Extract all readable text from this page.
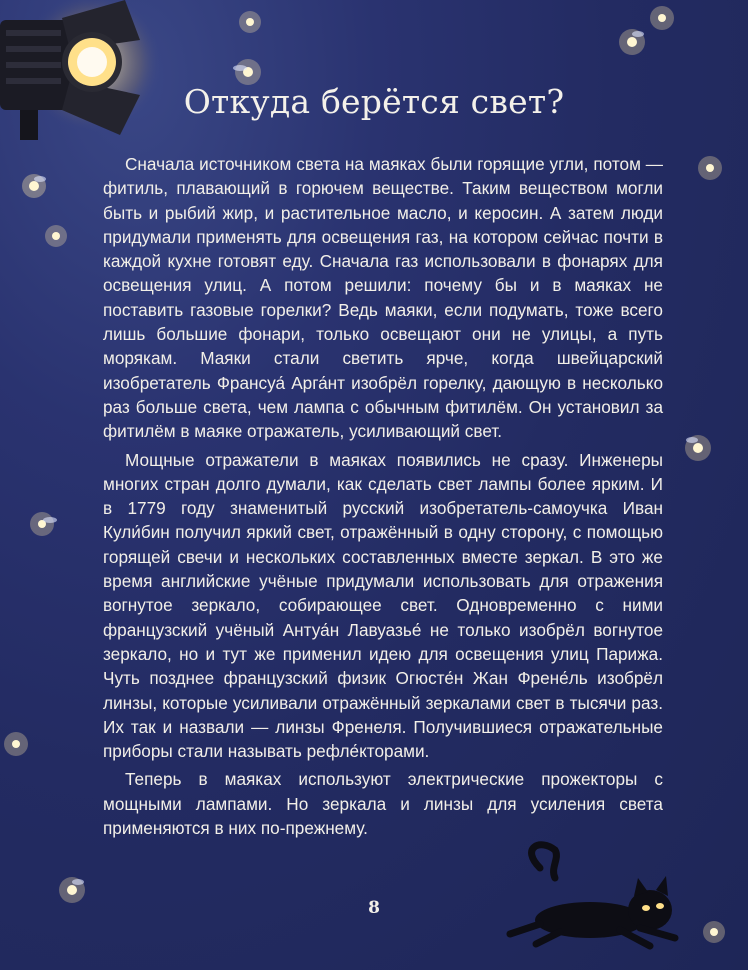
Откуда берётся свет?

Сначала источником света на маяках были горящие угли, потом — фитиль, плавающий в горючем веществе. Таким веществом могли быть и рыбий жир, и растительное масло, и керосин. А затем люди придумали применять для освещения газ, на котором сейчас почти в каждой кухне готовят еду. Сначала газ использовали в фонарях для освещения улиц. А потом решили: почему бы и в маяках не поставить газовые горелки? Ведь маяки, если подумать, тоже всего лишь большие фонари, только освещают они не улицы, а путь морякам. Маяки стали светить ярче, когда швейцарский изобретатель Франсуа́ Арга́нт изобрёл горелку, дающую в несколько раз больше света, чем лампа с обычным фитилём. Он установил за фитилём в маяке отражатель, усиливающий свет.

Мощные отражатели в маяках появились не сразу. Инженеры многих стран долго думали, как сделать свет лампы более ярким. И в 1779 году знаменитый русский изобретатель-самоучка Иван Кули́бин получил яркий свет, отражённый в одну сторону, с помощью горящей свечи и нескольких составленных вместе зеркал. В это же время английские учёные придумали использовать для отражения вогнутое зеркало, собирающее свет. Одновременно с ними французский учёный Антуа́н Лавуазье́ не только изобрёл вогнутое зеркало, но и тут же применил идею для освещения улиц Парижа. Чуть позднее французский физик Огюсте́н Жан Френе́ль изобрёл линзы, которые усиливали отражённый зеркалами свет в тысячи раз. Их так и назвали — линзы Френеля. Получившиеся отражательные приборы стали называть рефле́кторами.

Теперь в маяках используют электрические прожекторы с мощными лампами. Но зеркала и линзы для усиления света применяются в них по-прежнему.

8
